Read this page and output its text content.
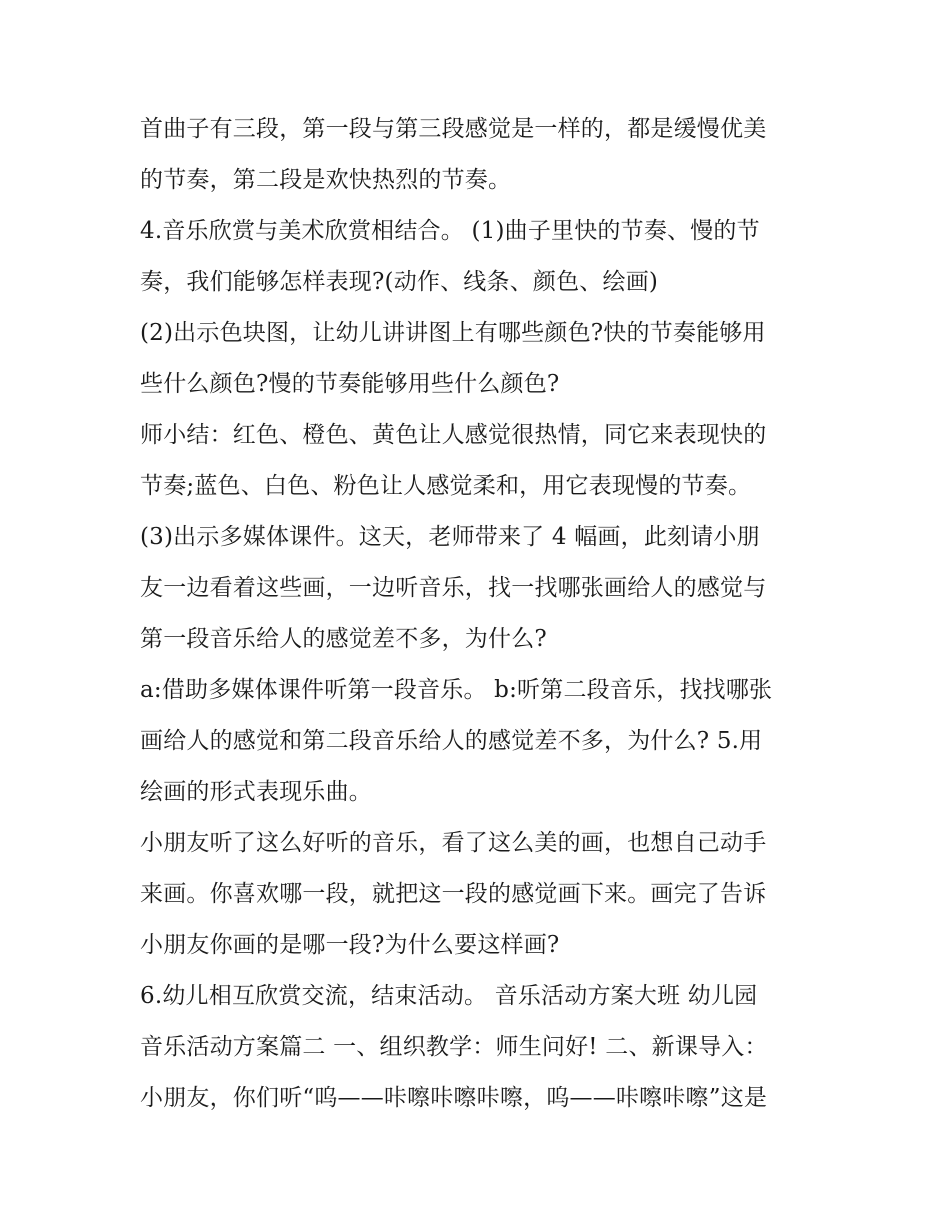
首曲子有三段，第一段与第三段感觉是一样的，都是缓慢优美
的节奏，第二段是欢快热烈的节奏。
4.音乐欣赏与美术欣赏相结合。 (1)曲子里快的节奏、慢的节
奏，我们能够怎样表现?(动作、线条、颜色、绘画)
(2)出示色块图，让幼儿讲讲图上有哪些颜色?快的节奏能够用
些什么颜色?慢的节奏能够用些什么颜色?
师小结：红色、橙色、黄色让人感觉很热情，同它来表现快的
节奏;蓝色、白色、粉色让人感觉柔和，用它表现慢的节奏。
(3)出示多媒体课件。这天，老师带来了 4 幅画，此刻请小朋
友一边看着这些画，一边听音乐，找一找哪张画给人的感觉与
第一段音乐给人的感觉差不多，为什么?
a:借助多媒体课件听第一段音乐。 b:听第二段音乐，找找哪张
画给人的感觉和第二段音乐给人的感觉差不多，为什么? 5.用
绘画的形式表现乐曲。
小朋友听了这么好听的音乐，看了这么美的画，也想自己动手
来画。你喜欢哪一段，就把这一段的感觉画下来。画完了告诉
小朋友你画的是哪一段?为什么要这样画?
6.幼儿相互欣赏交流，结束活动。 音乐活动方案大班 幼儿园
音乐活动方案篇二 一、组织教学：师生问好! 二、新课导入：
小朋友，你们听“呜——咔嚓咔嚓咔嚓，呜——咔嚓咔嚓”这是
